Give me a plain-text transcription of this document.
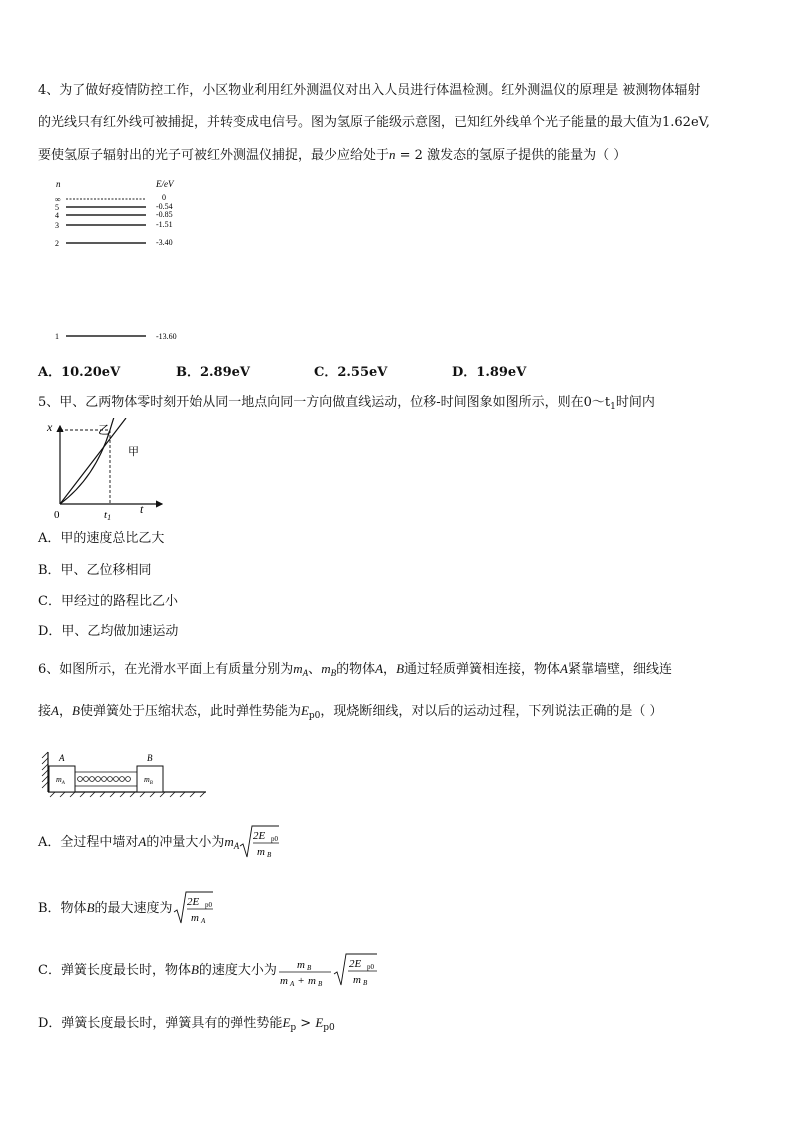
4、为了做好疫情防控工作，小区物业利用红外测温仪对出入人员进行体温检测。红外测温仪的原理是 被测物体辐射
的光线只有红外线可被捕捉，并转变成电信号。图为氢原子能级示意图，已知红外线单个光子能量的最大值为1.62eV,
要使氢原子辐射出的光子可被红外测温仪捕捉，最少应给处于n = 2 激发态的氢原子提供的能量为（ ）
n	E/eV
∞
5
4
3
2
1
0
-0.54
-0.85
-1.51
-3.40
-13.60
A．10.20eV	B．2.89eV	C．2.55eV	D．1.89eV
5、甲、乙两物体零时刻开始从同一地点向同一方向做直线运动，位移-时间图象如图所示，则在$0\sim t_1$时间内
x
t
0	t1
乙
甲
A．甲的速度总比乙大
B．甲、乙位移相同
C．甲经过的路程比乙小
D．甲、乙均做加速运动
6、如图所示，在光滑水平面上有质量分别为$m_A$、$m_B$的物体A，B通过轻质弹簧相连接，物体A紧靠墙壁，细线连
接A，B使弹簧处于压缩状态，此时弹性势能为$E_{p0}$，现烧断细线，对以后的运动过程，下列说法正确的是（ ）
A
$m_A$
B
$m_B$
A．全过程中墙对A的冲量大小为$m_A$
2E p0
m B
B．物体B的最大速度为 2E p0
m A
C．弹簧长度最长时，物体B的速度大小为 m B
m A + m B
2E p0
m B
D．弹簧长度最长时，弹簧具有的弹性势能$E_p > E_{p0}$
